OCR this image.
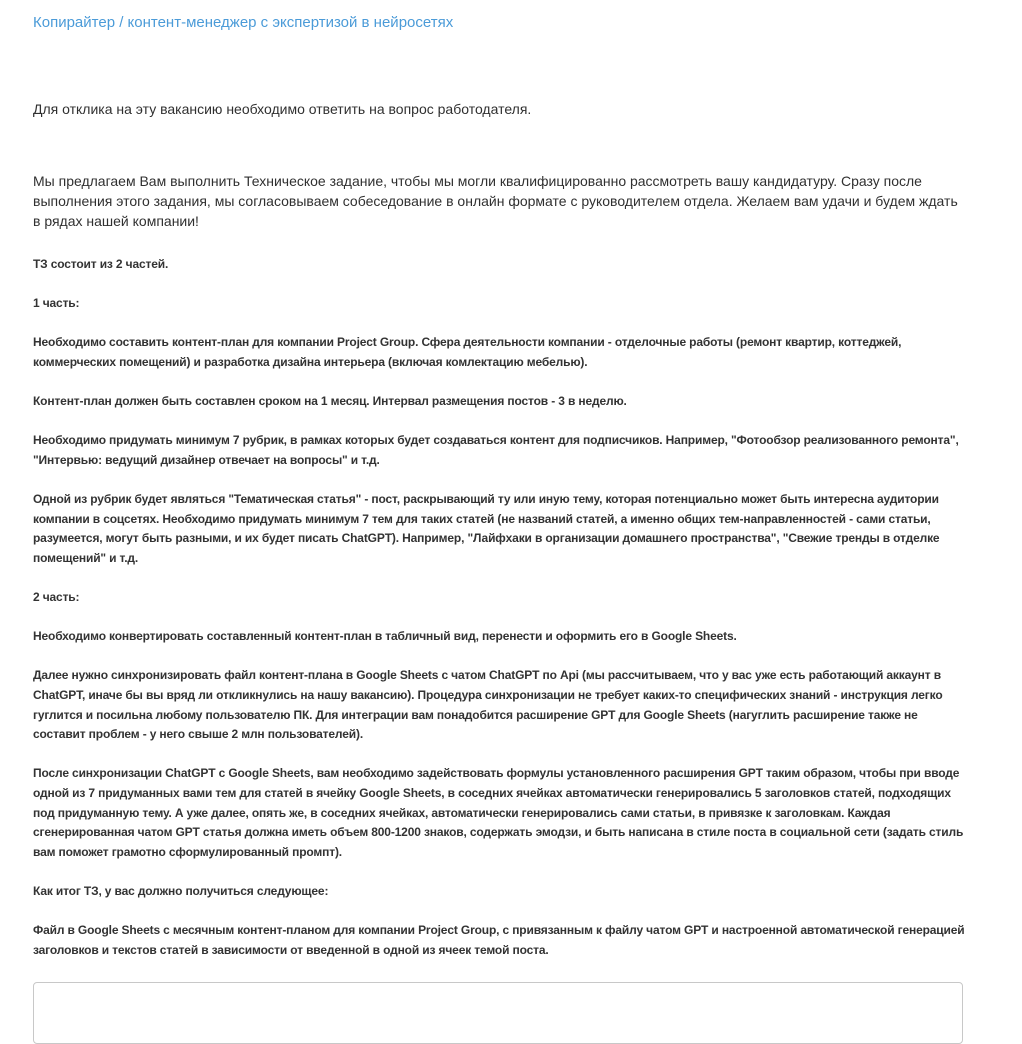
Копирайтер / контент-менеджер с экспертизой в нейросетях
Для отклика на эту вакансию необходимо ответить на вопрос работодателя.
Мы предлагаем Вам выполнить Техническое задание, чтобы мы могли квалифицированно рассмотреть вашу кандидатуру. Сразу после выполнения этого задания, мы согласовываем собеседование в онлайн формате с руководителем отдела. Желаем вам удачи и будем ждать в рядах нашей компании!

ТЗ состоит из 2 частей.

1 часть:

Необходимо составить контент-план для компании Project Group. Сфера деятельности компании - отделочные работы (ремонт квартир, коттеджей, коммерческих помещений) и разработка дизайна интерьера (включая комлектацию мебелью).

Контент-план должен быть составлен сроком на 1 месяц. Интервал размещения постов - 3 в неделю.

Необходимо придумать минимум 7 рубрик, в рамках которых будет создаваться контент для подписчиков. Например, "Фотообзор реализованного ремонта", "Интервью: ведущий дизайнер отвечает на вопросы" и т.д.

Одной из рубрик будет являться "Тематическая статья" - пост, раскрывающий ту или иную тему, которая потенциально может быть интересна аудитории компании в соцсетях. Необходимо придумать минимум 7 тем для таких статей (не названий статей, а именно общих тем-направленностей - сами статьи, разумеется, могут быть разными, и их будет писать ChatGPT). Например, "Лайфхаки в организации домашнего пространства", "Свежие тренды в отделке помещений" и т.д.

2 часть:

Необходимо конвертировать составленный контент-план в табличный вид, перенести и оформить его в Google Sheets.

Далее нужно синхронизировать файл контент-плана в Google Sheets с чатом ChatGPT по Api (мы рассчитываем, что у вас уже есть работающий аккаунт в ChatGPT, иначе бы вы вряд ли откликнулись на нашу вакансию). Процедура синхронизации не требует каких-то специфических знаний - инструкция легко гуглится и посильна любому пользователю ПК. Для интеграции вам понадобится расширение GPT для Google Sheets (нагуглить расширение также не составит проблем - у него свыше 2 млн пользователей).

После синхронизации ChatGPT с Google Sheets, вам необходимо задействовать формулы установленного расширения GPT таким образом, чтобы при вводе одной из 7 придуманных вами тем для статей в ячейку Google Sheets, в соседних ячейках автоматически генерировались 5 заголовков статей, подходящих под придуманную тему. А уже далее, опять же, в соседних ячейках, автоматически генерировались сами статьи, в привязке к заголовкам. Каждая сгенерированная чатом GPT статья должна иметь объем 800-1200 знаков, содержать эмодзи, и быть написана в стиле поста в социальной сети (задать стиль вам поможет грамотно сформулированный промпт).

Как итог ТЗ, у вас должно получиться следующее:

Файл в Google Sheets с месячным контент-планом для компании Project Group, с привязанным к файлу чатом GPT и настроенной автоматической генерацией заголовков и текстов статей в зависимости от введенной в одной из ячеек темой поста.
